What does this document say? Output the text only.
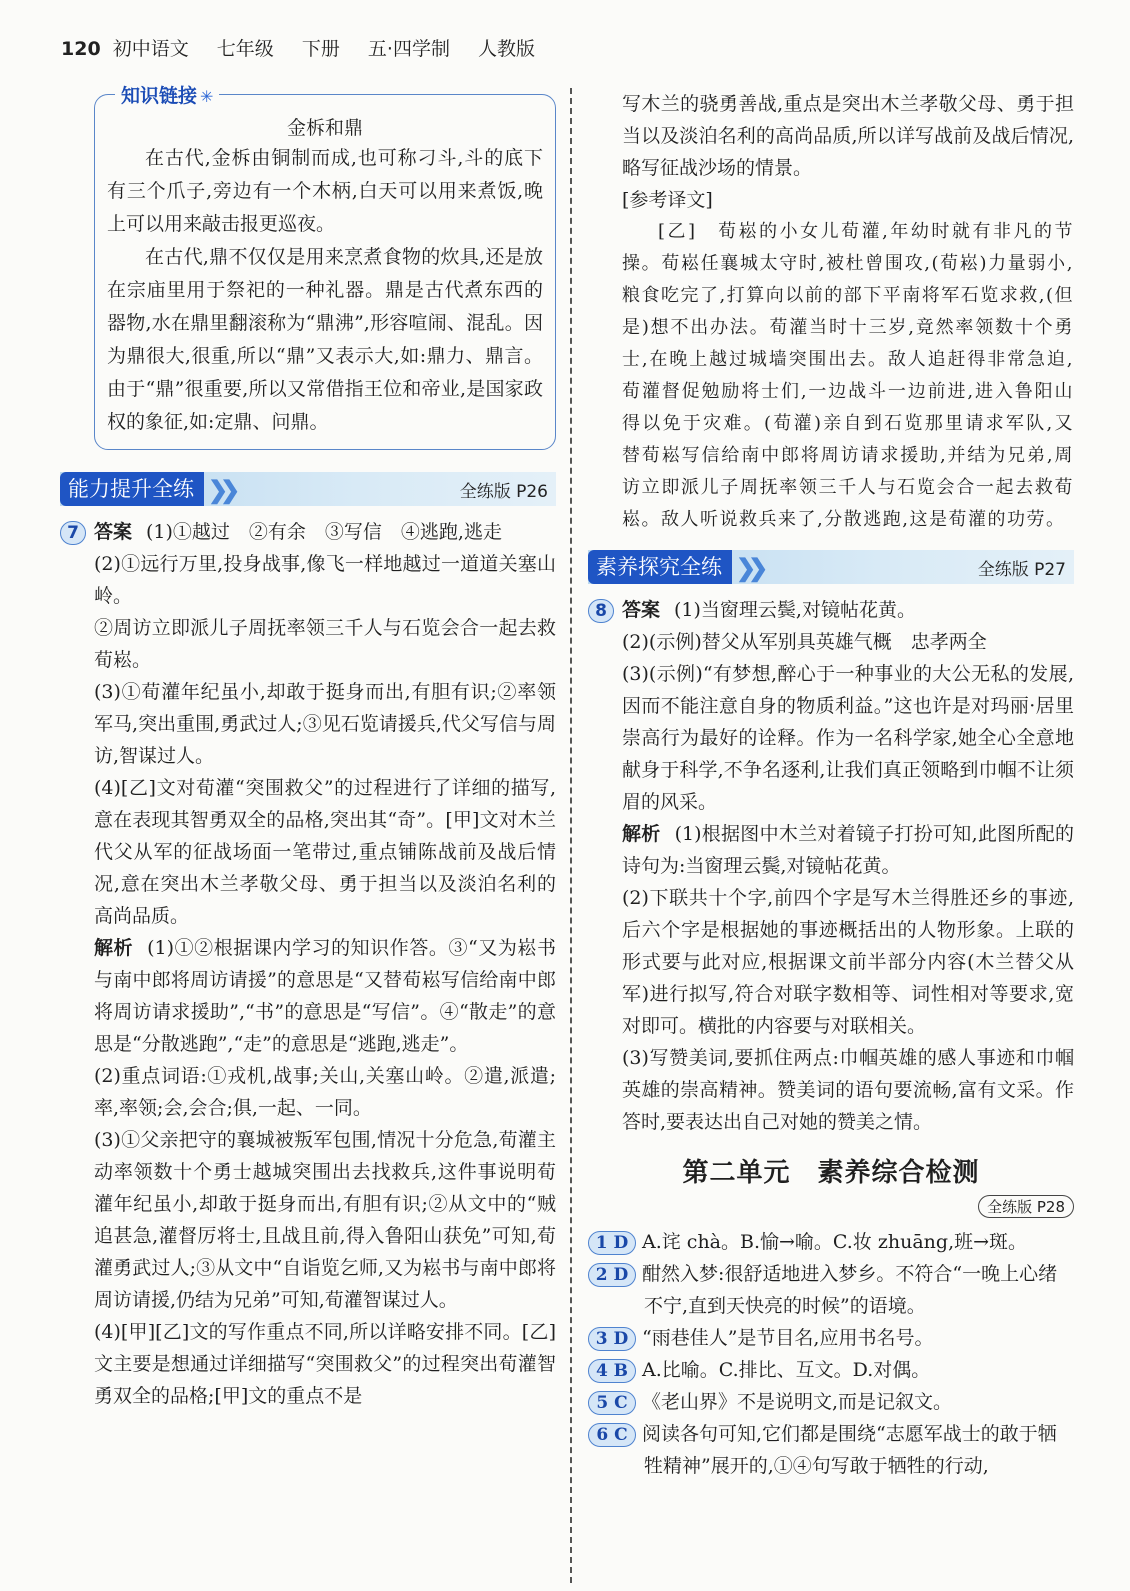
120 初中语文 七年级 下册 五·四学制 人教版
知识链接 ✳
金柝和鼎

在古代,金柝由铜制而成,也可称刁斗,斗的底下有三个爪子,旁边有一个木柄,白天可以用来煮饭,晚上可以用来敲击报更巡夜。

在古代,鼎不仅仅是用来烹煮食物的炊具,还是放在宗庙里用于祭祀的一种礼器。鼎是古代煮东西的器物,水在鼎里翻滚称为“鼎沸”,形容喧闹、混乱。因为鼎很大,很重,所以“鼎”又表示大,如:鼎力、鼎言。由于“鼎”很重要,所以又常借指王位和帝业,是国家政权的象征,如:定鼎、问鼎。

能力提升全练 ❯❯	全练版 P26
7 答案 (1)①越过　②有余　③写信　④逃跑,逃走
(2)①远行万里,投身战事,像飞一样地越过一道道关塞山岭。
②周访立即派儿子周抚率领三千人与石览会合一起去救荀崧。
(3)①荀灌年纪虽小,却敢于挺身而出,有胆有识;②率领军马,突出重围,勇武过人;③见石览请援兵,代父写信与周访,智谋过人。
(4)[乙]文对荀灌“突围救父”的过程进行了详细的描写,意在表现其智勇双全的品格,突出其“奇”。[甲]文对木兰代父从军的征战场面一笔带过,重点铺陈战前及战后情况,意在突出木兰孝敬父母、勇于担当以及淡泊名利的高尚品质。
解析 (1)①②根据课内学习的知识作答。③“又为崧书与南中郎将周访请援”的意思是“又替荀崧写信给南中郎将周访请求援助”,“书”的意思是“写信”。④“散走”的意思是“分散逃跑”,“走”的意思是“逃跑,逃走”。
(2)重点词语:①戎机,战事;关山,关塞山岭。②遣,派遣;率,率领;会,会合;俱,一起、一同。
(3)①父亲把守的襄城被叛军包围,情况十分危急,荀灌主动率领数十个勇士越城突围出去找救兵,这件事说明荀灌年纪虽小,却敢于挺身而出,有胆有识;②从文中的“贼追甚急,灌督厉将士,且战且前,得入鲁阳山获免”可知,荀灌勇武过人;③从文中“自诣览乞师,又为崧书与南中郎将周访请援,仍结为兄弟”可知,荀灌智谋过人。
(4)[甲][乙]文的写作重点不同,所以详略安排不同。[乙]文主要是想通过详细描写“突围救父”的过程突出荀灌智勇双全的品格;[甲]文的重点不是
写木兰的骁勇善战,重点是突出木兰孝敬父母、勇于担当以及淡泊名利的高尚品质,所以详写战前及战后情况,略写征战沙场的情景。
[参考译文]
[乙]　荀崧的小女儿荀灌,年幼时就有非凡的节操。荀崧任襄城太守时,被杜曾围攻,(荀崧)力量弱小,粮食吃完了,打算向以前的部下平南将军石览求救,(但是)想不出办法。荀灌当时十三岁,竟然率领数十个勇士,在晚上越过城墙突围出去。敌人追赶得非常急迫,荀灌督促勉励将士们,一边战斗一边前进,进入鲁阳山得以免于灾难。(荀灌)亲自到石览那里请求军队,又替荀崧写信给南中郎将周访请求援助,并结为兄弟,周访立即派儿子周抚率领三千人与石览会合一起去救荀崧。敌人听说救兵来了,分散逃跑,这是荀灌的功劳。
素养探究全练 ❯❯	全练版 P27
8 答案 (1)当窗理云鬓,对镜帖花黄。
(2)(示例)替父从军别具英雄气概　忠孝两全
(3)(示例)“有梦想,醉心于一种事业的大公无私的发展,因而不能注意自身的物质利益。”这也许是对玛丽·居里崇高行为最好的诠释。作为一名科学家,她全心全意地献身于科学,不争名逐利,让我们真正领略到巾帼不让须眉的风采。
解析 (1)根据图中木兰对着镜子打扮可知,此图所配的诗句为:当窗理云鬓,对镜帖花黄。
(2)下联共十个字,前四个字是写木兰得胜还乡的事迹,后六个字是根据她的事迹概括出的人物形象。上联的形式要与此对应,根据课文前半部分内容(木兰替父从军)进行拟写,符合对联字数相等、词性相对等要求,宽对即可。横批的内容要与对联相关。
(3)写赞美词,要抓住两点:巾帼英雄的感人事迹和巾帼英雄的崇高精神。赞美词的语句要流畅,富有文采。作答时,要表达出自己对她的赞美之情。
第二单元　素养综合检测
全练版 P28
1 D A.诧 chà。B.愉→喻。C.妆 zhuāng,班→斑。
2 D 酣然入梦:很舒适地进入梦乡。不符合“一晚上心绪不宁,直到天快亮的时候”的语境。
3 D “雨巷佳人”是节目名,应用书名号。
4 B A.比喻。C.排比、互文。D.对偶。
5 C 《老山界》不是说明文,而是记叙文。
6 C 阅读各句可知,它们都是围绕“志愿军战士的敢于牺牲精神”展开的,①④句写敢于牺牲的行动,
